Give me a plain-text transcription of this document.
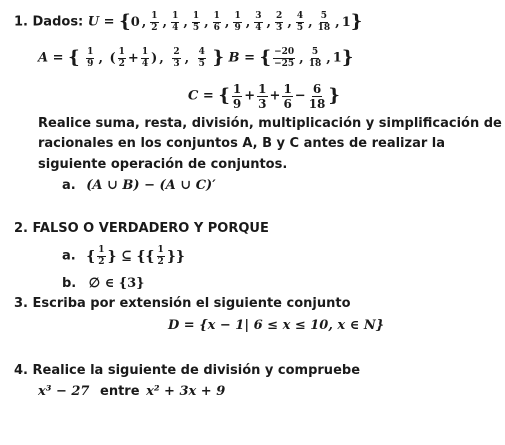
1. Dados: U = {0 , $\frac{1}{2}$ , $\frac{1}{4}$ , $\frac{1}{5}$ , $\frac{1}{6}$ , $\frac{1}{9}$ , $\frac{3}{4}$ , $\frac{2}{3}$ , $\frac{4}{5}$ , $\frac{5}{18}$ , 1}
A = { $\frac{1}{9}$ , ( $\frac{1}{2} + \frac{1}{4}$ ) , $\frac{2}{3}$ , $\frac{4}{5}$ } B = { $\frac{-20}{-25}$ , $\frac{5}{18}$ , 1}
C = { $\frac{1}{9} + \frac{1}{3} + \frac{1}{6} - \frac{6}{18}$ }
Realice suma, resta, división, multiplicación y simplificación de
racionales en los conjuntos A, B y C antes de realizar la
siguiente operación de conjuntos.
a. (A ∪ B) − (A ∪ C)′
2. FALSO O VERDADERO Y PORQUE
a. { $\frac{1}{2}$ } ⊆ {{ $\frac{1}{2}$ }}
b. ∅ ∈ {3}
3. Escriba por extensión el siguiente conjunto
D = {x − 1| 6 ≤ x ≤ 10, x ∈ N}
4. Realice la siguiente de división y compruebe
x³ − 27 entre x² + 3x + 9
